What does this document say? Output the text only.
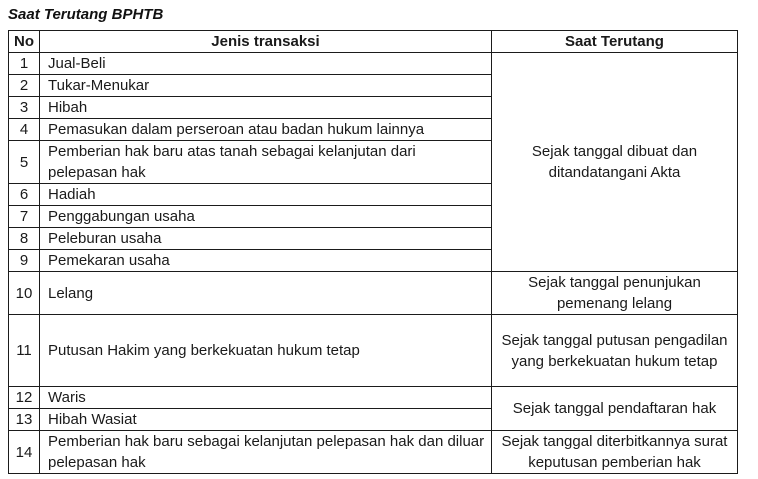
Saat Terutang BPHTB

No	Jenis transaksi	Saat Terutang
1	Jual-Beli	Sejak tanggal dibuat dan ditandatangani Akta
2	Tukar-Menukar	
3	Hibah	
4	Pemasukan dalam perseroan atau badan hukum lainnya	
5	Pemberian hak baru atas tanah sebagai kelanjutan dari pelepasan hak	
6	Hadiah	
7	Penggabungan usaha	
8	Peleburan usaha	
9	Pemekaran usaha	
10	Lelang	Sejak tanggal penunjukan pemenang lelang
11	Putusan Hakim yang berkekuatan hukum tetap	Sejak tanggal putusan pengadilan yang berkekuatan hukum tetap
12	Waris	Sejak tanggal pendaftaran hak
13	Hibah Wasiat	
14	Pemberian hak baru sebagai kelanjutan pelepasan hak dan diluar pelepasan hak	Sejak tanggal diterbitkannya surat keputusan pemberian hak
